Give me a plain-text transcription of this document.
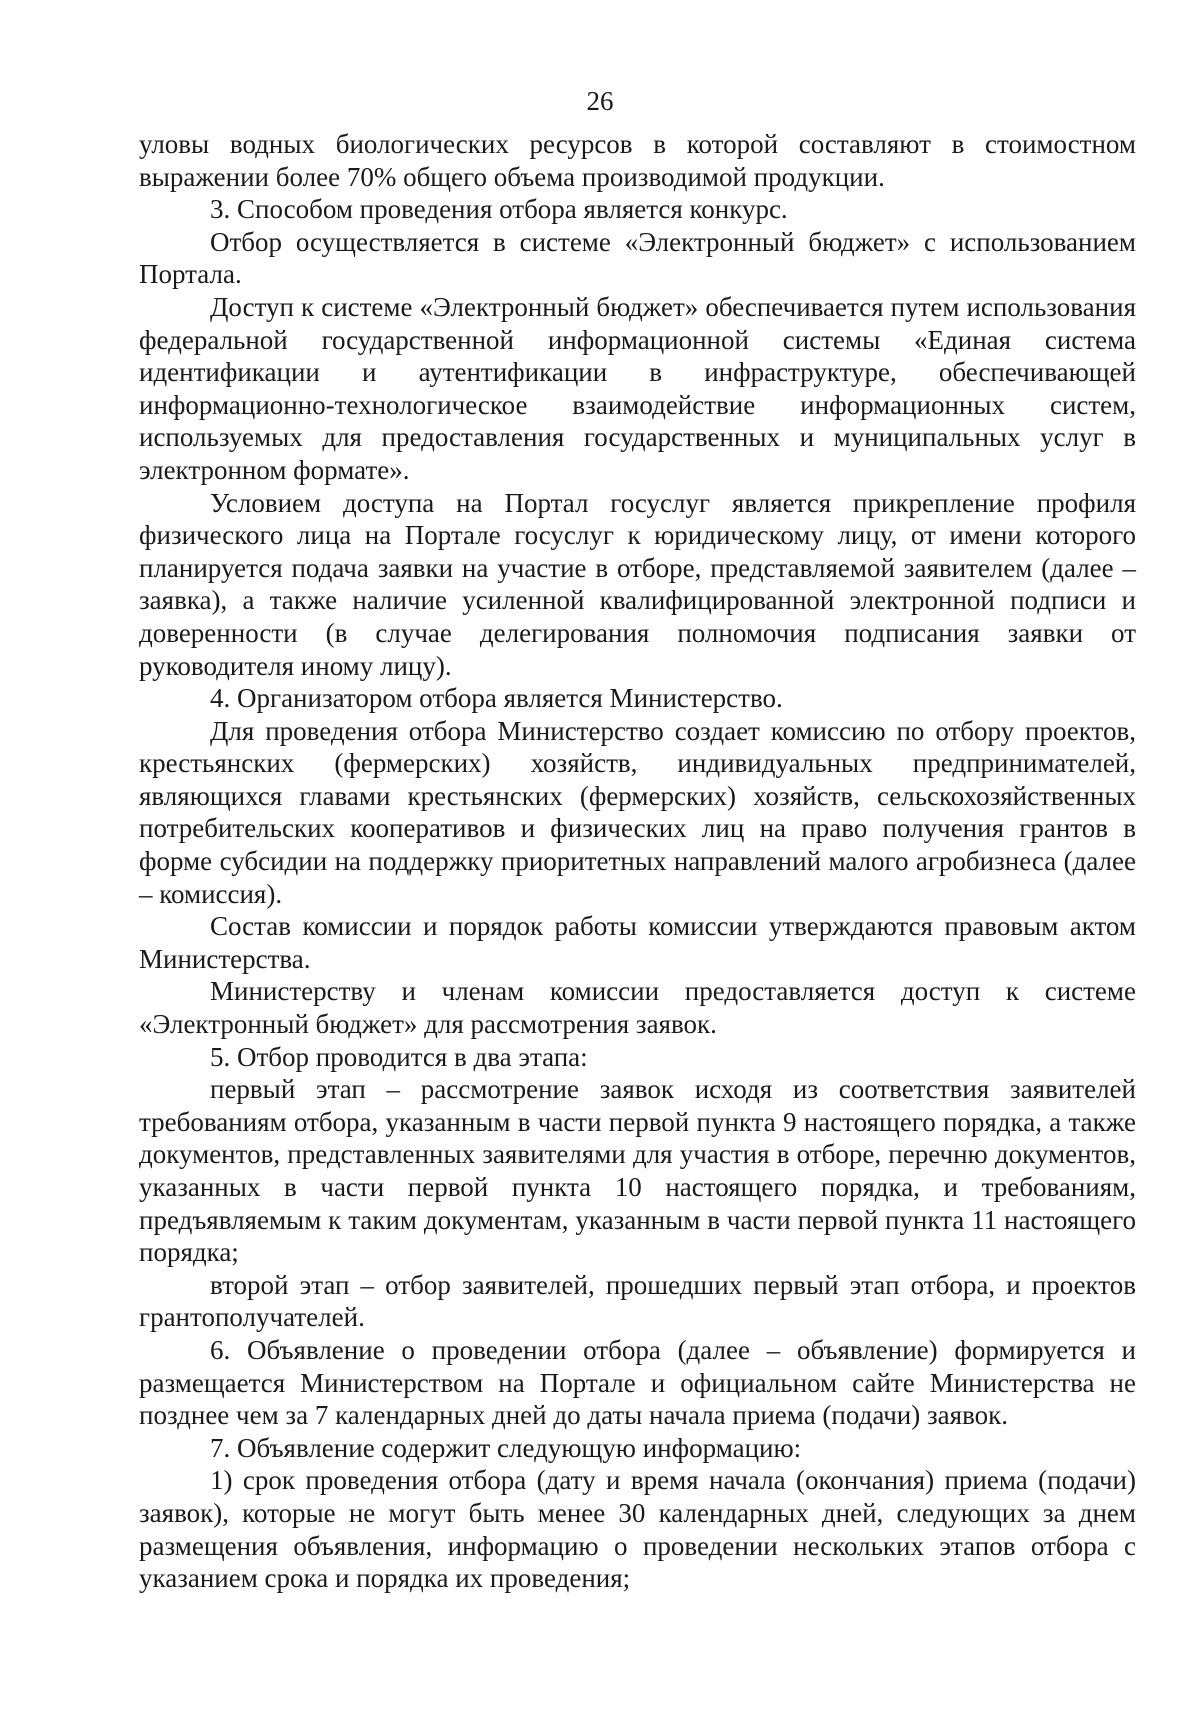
26

уловы водных биологических ресурсов в которой составляют в стоимостном выражении более 70% общего объема производимой продукции.

3. Способом проведения отбора является конкурс.

Отбор осуществляется в системе «Электронный бюджет» с использованием Портала.

Доступ к системе «Электронный бюджет» обеспечивается путем использования федеральной государственной информационной системы «Единая система идентификации и аутентификации в инфраструктуре, обеспечивающей информационно-технологическое взаимодействие информационных систем, используемых для предоставления государственных и муниципальных услуг в электронном формате».

Условием доступа на Портал госуслуг является прикрепление профиля физического лица на Портале госуслуг к юридическому лицу, от имени которого планируется подача заявки на участие в отборе, представляемой заявителем (далее – заявка), а также наличие усиленной квалифицированной электронной подписи и доверенности (в случае делегирования полномочия подписания заявки от руководителя иному лицу).

4. Организатором отбора является Министерство.

Для проведения отбора Министерство создает комиссию по отбору проектов, крестьянских (фермерских) хозяйств, индивидуальных предпринимателей, являющихся главами крестьянских (фермерских) хозяйств, сельскохозяйственных потребительских кооперативов и физических лиц на право получения грантов в форме субсидии на поддержку приоритетных направлений малого агробизнеса (далее – комиссия).

Состав комиссии и порядок работы комиссии утверждаются правовым актом Министерства.

Министерству и членам комиссии предоставляется доступ к системе «Электронный бюджет» для рассмотрения заявок.

5. Отбор проводится в два этапа:

первый этап – рассмотрение заявок исходя из соответствия заявителей требованиям отбора, указанным в части первой пункта 9 настоящего порядка, а также документов, представленных заявителями для участия в отборе, перечню документов, указанных в части первой пункта 10 настоящего порядка, и требованиям, предъявляемым к таким документам, указанным в части первой пункта 11 настоящего порядка;

второй этап – отбор заявителей, прошедших первый этап отбора, и проектов грантополучателей.

6. Объявление о проведении отбора (далее – объявление) формируется и размещается Министерством на Портале и официальном сайте Министерства не позднее чем за 7 календарных дней до даты начала приема (подачи) заявок.

7. Объявление содержит следующую информацию:

1) срок проведения отбора (дату и время начала (окончания) приема (подачи) заявок), которые не могут быть менее 30 календарных дней, следующих за днем размещения объявления, информацию о проведении нескольких этапов отбора с указанием срока и порядка их проведения;
